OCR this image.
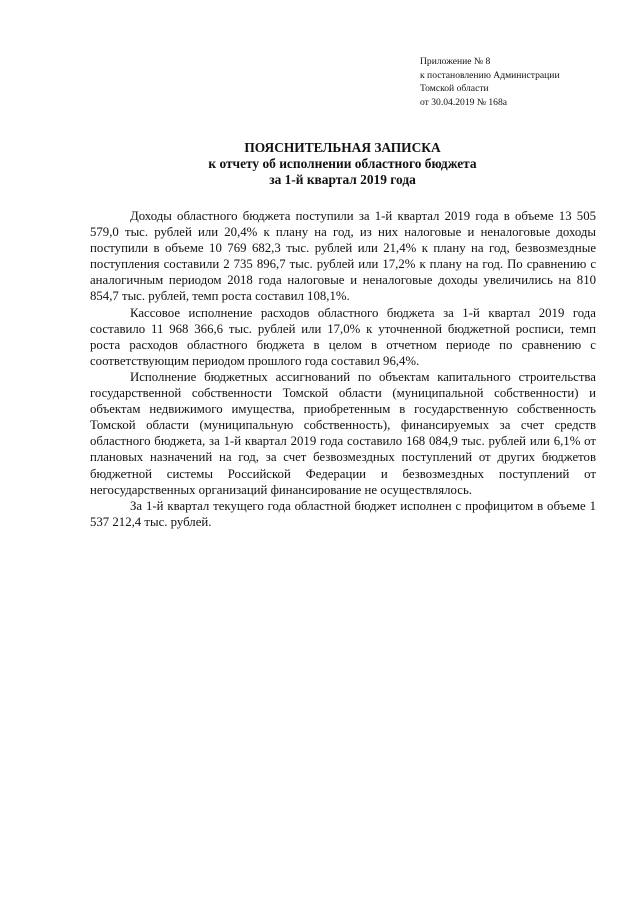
Приложение № 8
к постановлению Администрации
Томской области
от 30.04.2019 № 168а
ПОЯСНИТЕЛЬНАЯ ЗАПИСКА
к отчету об исполнении областного бюджета
за 1-й квартал 2019 года

Доходы областного бюджета поступили за 1-й квартал 2019 года в объеме 13 505 579,0 тыс. рублей или 20,4% к плану на год, из них налоговые и неналоговые доходы поступили в объеме 10 769 682,3 тыс. рублей или 21,4% к плану на год, безвозмездные поступления составили 2 735 896,7 тыс. рублей или 17,2% к плану на год. По сравнению с аналогичным периодом 2018 года налоговые и неналоговые доходы увеличились на 810 854,7 тыс. рублей, темп роста составил 108,1%.

Кассовое исполнение расходов областного бюджета за 1-й квартал 2019 года составило 11 968 366,6 тыс. рублей или 17,0% к уточненной бюджетной росписи, темп роста расходов областного бюджета в целом в отчетном периоде по сравнению с соответствующим периодом прошлого года составил 96,4%.

Исполнение бюджетных ассигнований по объектам капитального строительства государственной собственности Томской области (муниципальной собственности) и объектам недвижимого имущества, приобретенным в государственную собственность Томской области (муниципальную собственность), финансируемых за счет средств областного бюджета, за 1-й квартал 2019 года составило 168 084,9 тыс. рублей или 6,1% от плановых назначений на год, за счет безвозмездных поступлений от других бюджетов бюджетной системы Российской Федерации и безвозмездных поступлений от негосударственных организаций финансирование не осуществлялось.

За 1-й квартал текущего года областной бюджет исполнен с профицитом в объеме 1 537 212,4 тыс. рублей.
